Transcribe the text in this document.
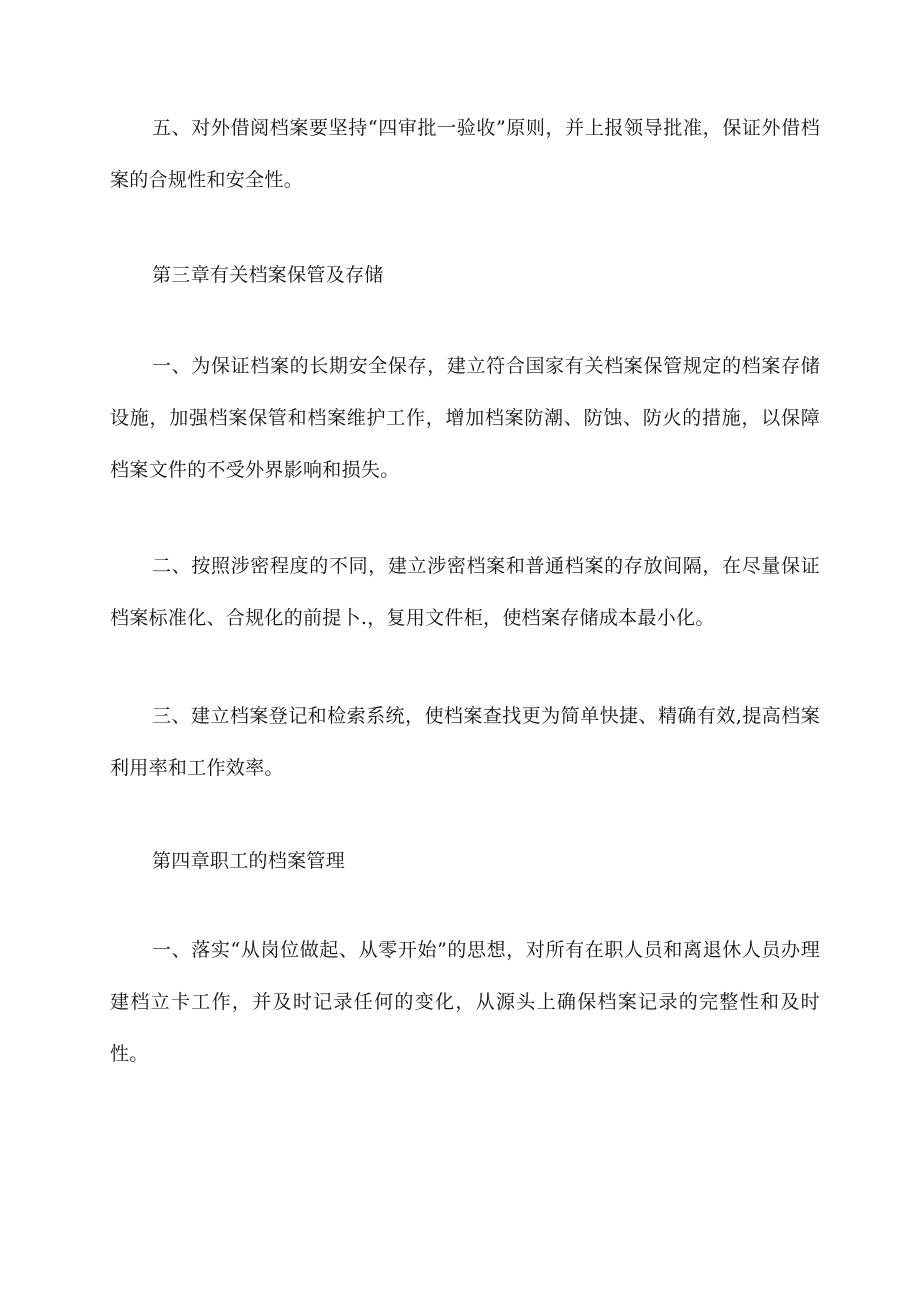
五、对外借阅档案要坚持“四审批一验收”原则，并上报领导批准，保证外借档案的合规性和安全性。

第三章有关档案保管及存储

一、为保证档案的长期安全保存，建立符合国家有关档案保管规定的档案存储设施，加强档案保管和档案维护工作，增加档案防潮、防蚀、防火的措施，以保障档案文件的不受外界影响和损失。

二、按照涉密程度的不同，建立涉密档案和普通档案的存放间隔，在尽量保证档案标准化、合规化的前提卜.，复用文件柜，使档案存储成本最小化。

三、建立档案登记和检索系统，使档案查找更为简单快捷、精确有效,提高档案利用率和工作效率。

第四章职工的档案管理

一、落实“从岗位做起、从零开始”的思想，对所有在职人员和离退休人员办理建档立卡工作，并及时记录任何的变化，从源头上确保档案记录的完整性和及时性。
